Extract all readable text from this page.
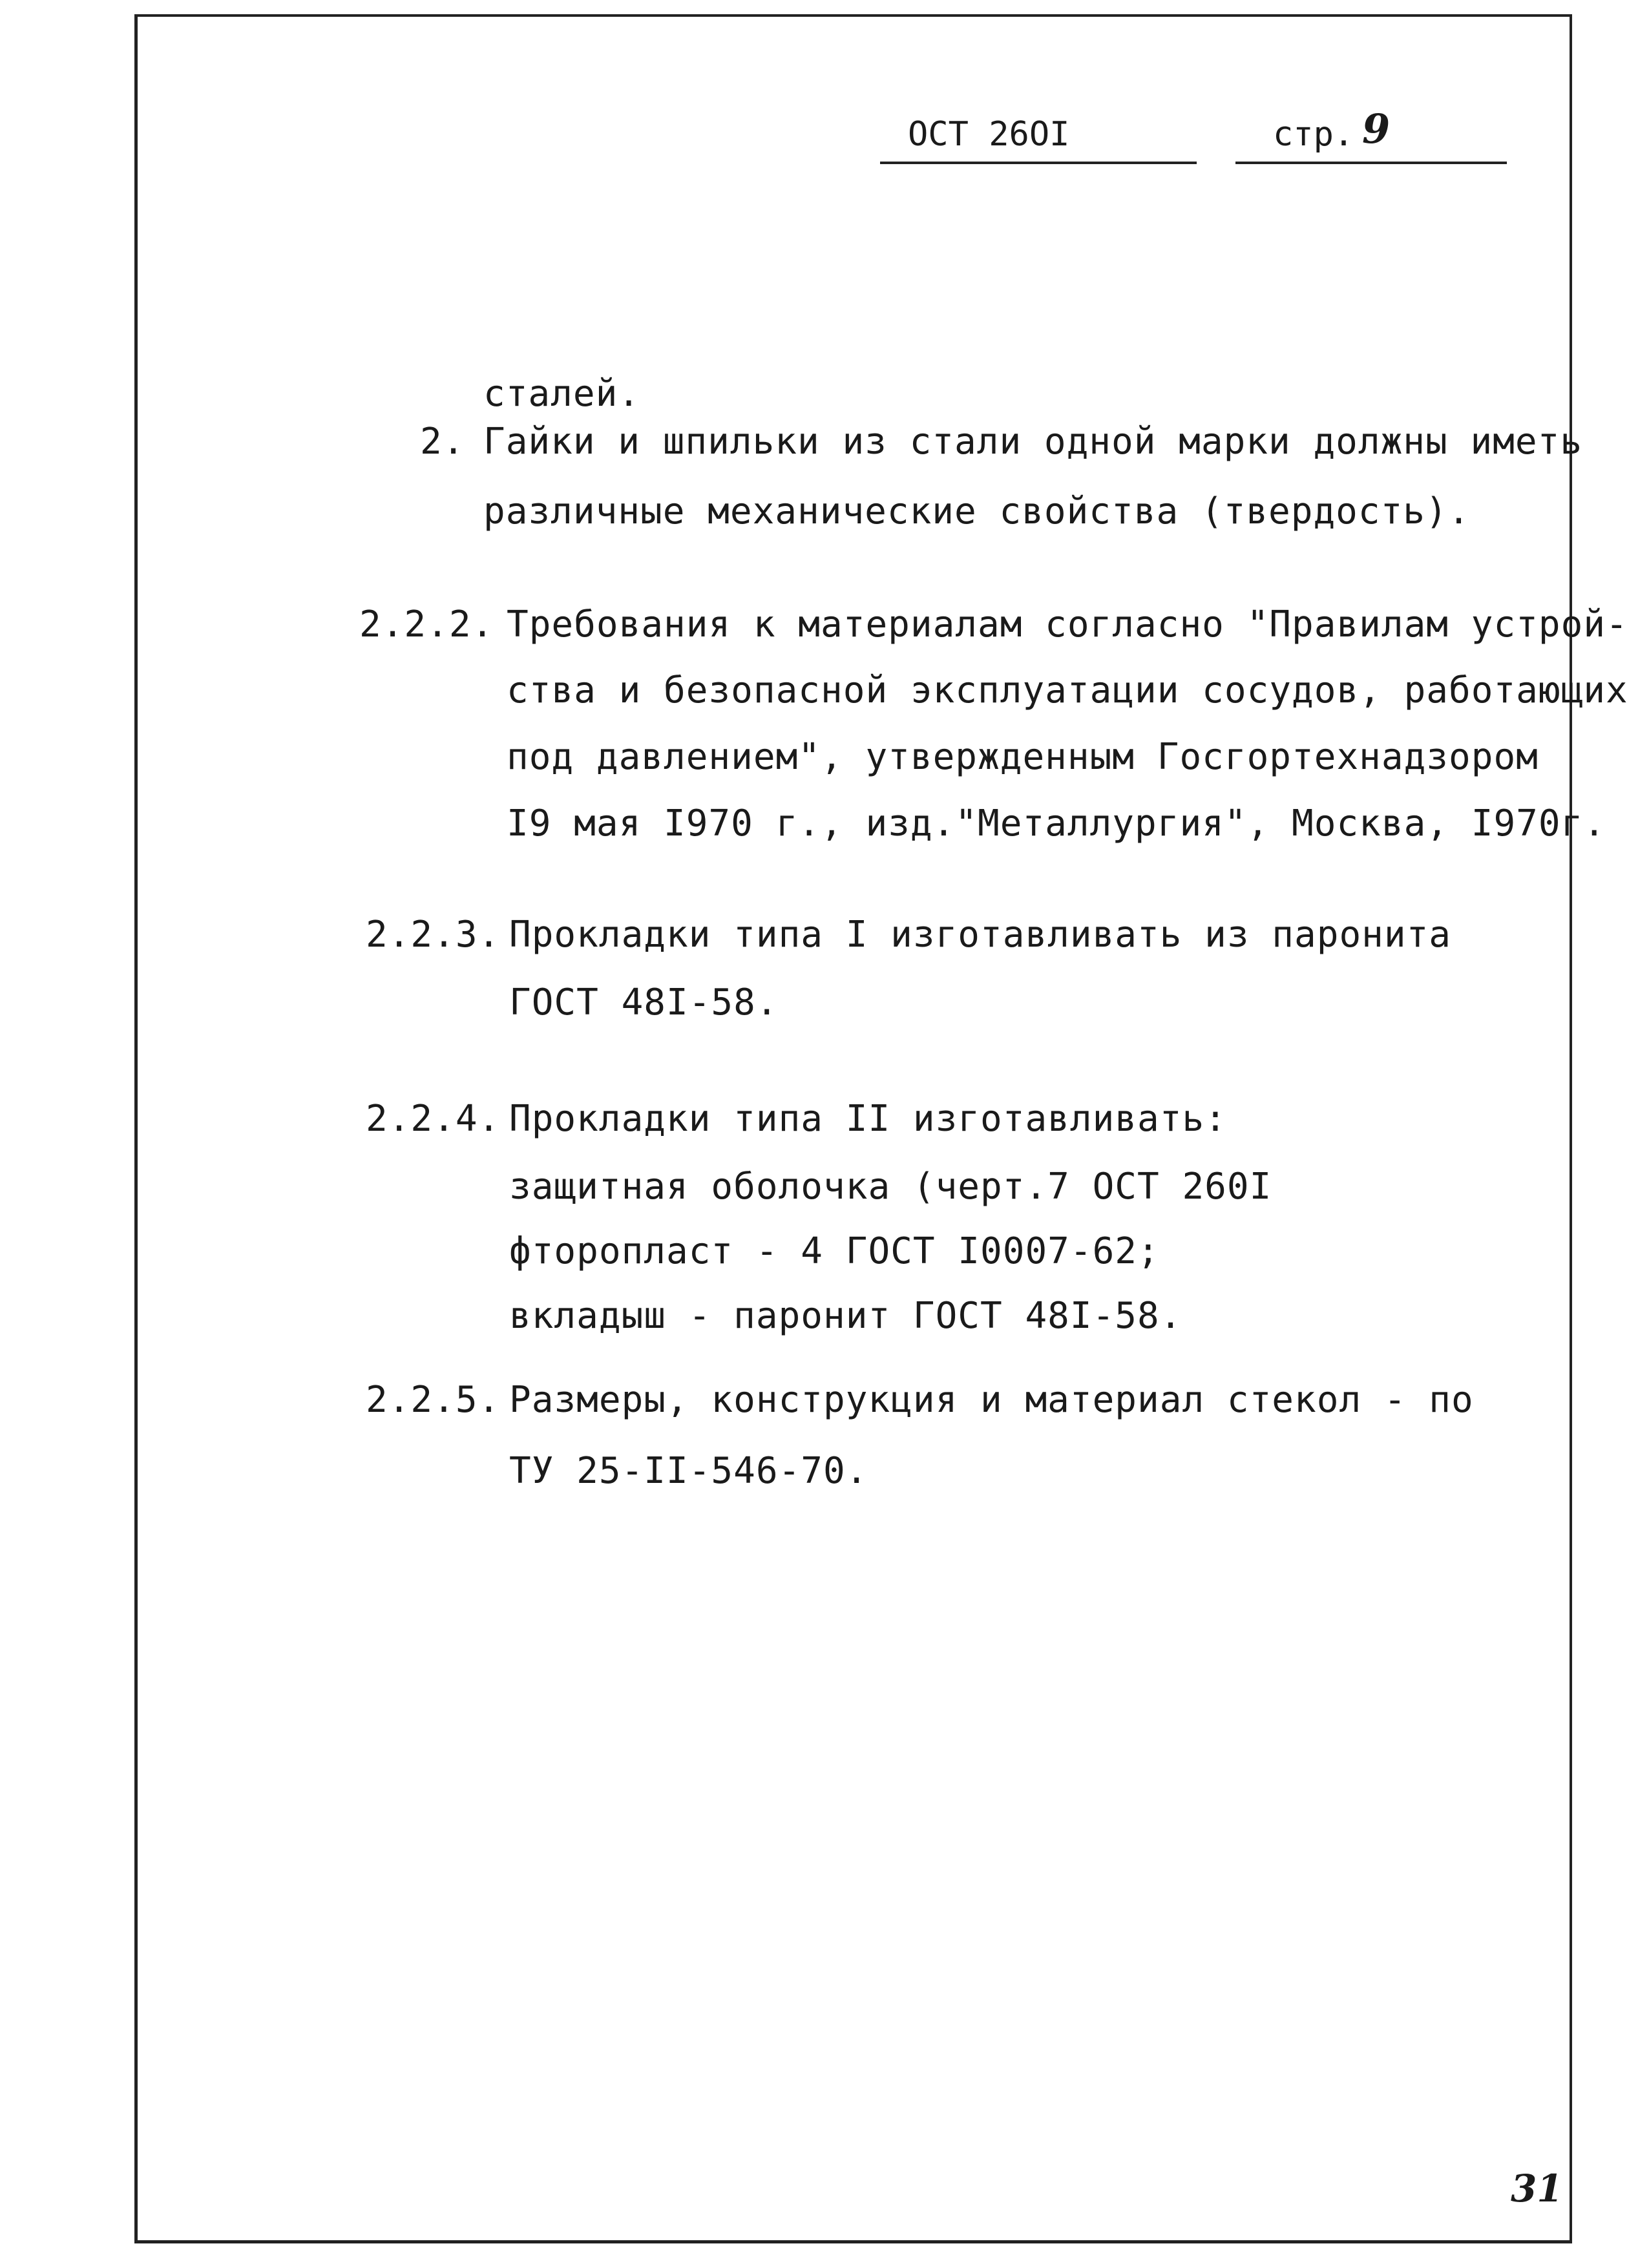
ОСТ 26OI	стр. 9
сталей.
2. Гайки и шпильки из стали одной марки должны иметь
различные механические свойства (твердость).
2.2.2. Требования к материалам согласно "Правилам устрой-
ства и безопасной эксплуатации сосудов, работающих
под давлением", утвержденным Госгортехнадзором
I9 мая I970 г., изд."Металлургия", Москва, I970г.
2.2.3. Прокладки типа I изготавливать из паронита
ГОСТ 48I-58.
2.2.4. Прокладки типа II изготавливать:
защитная оболочка (черт.7 ОСТ 260I
фторопласт - 4 ГОСТ I0007-62;
вкладыш - паронит ГОСТ 48I-58.
2.2.5. Размеры, конструкция и материал стекол - по
ТУ 25-II-546-70.
31
